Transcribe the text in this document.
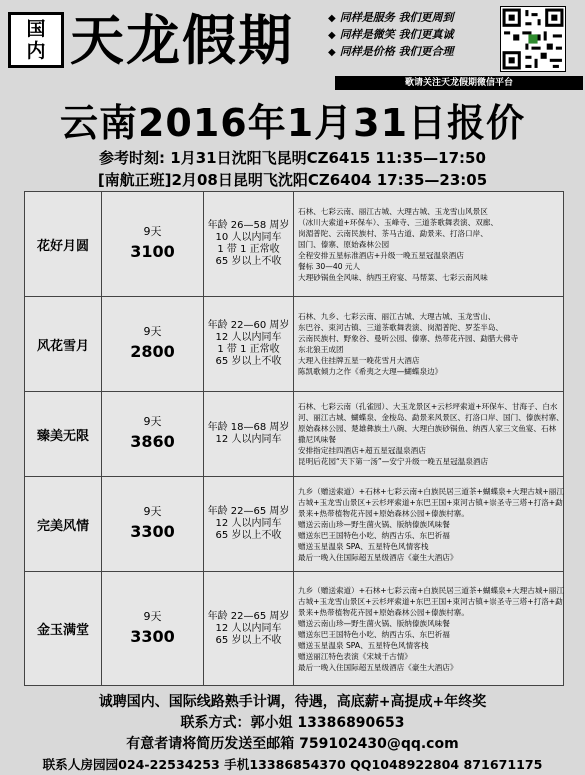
国
内 天龙假期	◆ 同样是服务 我们更周到
◆ 同样是微笑 我们更真诚
◆ 同样是价格 我们更合理
歌请关注天龙假期微信平台
云南2016年1月31日报价
参考时刻: 1月31日沈阳飞昆明CZ6415 11:35—17:50
[南航正班]2月08日昆明飞沈阳CZ6404 17:35—23:05
花好月圆
9天
3100
年龄 26—58 周岁
10 人以内同车
1 带 1 正常收
65 岁以上不收
石林、七彩云南、丽江古城、大理古城、玉龙雪山风景区
（冰川大索道+环保车）、玉峰寺、三道茶歌舞表演、双廊、
岗湄普陀、云南民族村、茶马古道、勐景来、打洛口岸、
国门、傣寨、原始森林公园
全程安排五星标准酒店+升级一晚五星冠温泉酒店
餐标 30—40 元人
大理砂锅鱼全风味、纳西王府宴、马帮菜、七彩云南风味
风花雪月
9天
2800
年龄 22—60 周岁
12 人以内同车
1 带 1 正常收
65 岁以上不收
石林、九乡、七彩云南、丽江古城、大理古城、玉龙雪山、
东巴谷、束河古镇、三道茶歌舞表演、岗湄普陀、罗荃半岛、
云南民族村、野象谷、曼听公园、傣寨、热带花卉园、勐腊大佛寺
东北狼王成团
大理入住挂牌五星一晚花雪月大酒店
陈凯歌倾力之作《希夷之大理—蝴蝶泉边》
臻美无限
9天
3860
年龄 18—68 周岁
12 人以内同车
石林、七彩云南（孔雀园）、大玉龙景区+云杉坪索道+环保车、甘海子、白水
河、丽江古城、蝴蝶泉、金梭岛、勐景来风景区、打洛口岸、国门、傣族村寨、
原始森林公园、楚雄彝族土八碗、大理白族砂锅鱼、纳西人家三文鱼宴、石林
撒尼风味餐
安排指定挂四酒店+超五星冠温泉酒店
昆明后花园“天下第一汤”—安宁升级一晚五星冠温泉酒店
完美风情
9天
3300
年龄 22—65 周岁
12 人以内同车
65 岁以上不收
九乡（赠送索道）+石林+七彩云南+白族民居三道茶+蝴蝶泉+大理古城+丽江
古城+玉龙雪山景区+云杉坪索道+东巴王国+束河古镇+崇圣寺三塔+打洛+勐
景来+热带植物花卉园+原始森林公园+傣族村寨。
赠送云南山珍—野生菌火锅、版纳傣族风味餐
赠送东巴王国特色小吃、纳西古乐、东巴祈福
赠送玉星温泉 SPA、五星特色风情客栈
最后一晚入住国际超五星级酒店《豪生大酒店》
金玉满堂
9天
3300
年龄 22—65 周岁
12 人以内同车
65 岁以上不收
九乡（赠送索道）+石林+七彩云南+白族民居三道茶+蝴蝶泉+大理古城+丽江
古城+玉龙雪山景区+云杉坪索道+东巴王国+束河古镇+崇圣寺三塔+打洛+勐
景来+热带植物花卉园+原始森林公园+傣族村寨。
赠送云南山珍—野生菌火锅、版纳傣族风味餐
赠送东巴王国特色小吃、纳西古乐、东巴祈福
赠送玉星温泉 SPA、五星特色风情客栈
赠送丽江特色表演《宋城千古情》
最后一晚入住国际超五星级酒店《豪生大酒店》
诚聘国内、国际线路熟手计调，待遇，高底薪+高提成+年终奖
联系方式：郭小姐 13386890653
有意者请将简历发送至邮箱 759102430@qq.com
联系人房园园024-22534253 手机13386854370 QQ1048922804 871671175
